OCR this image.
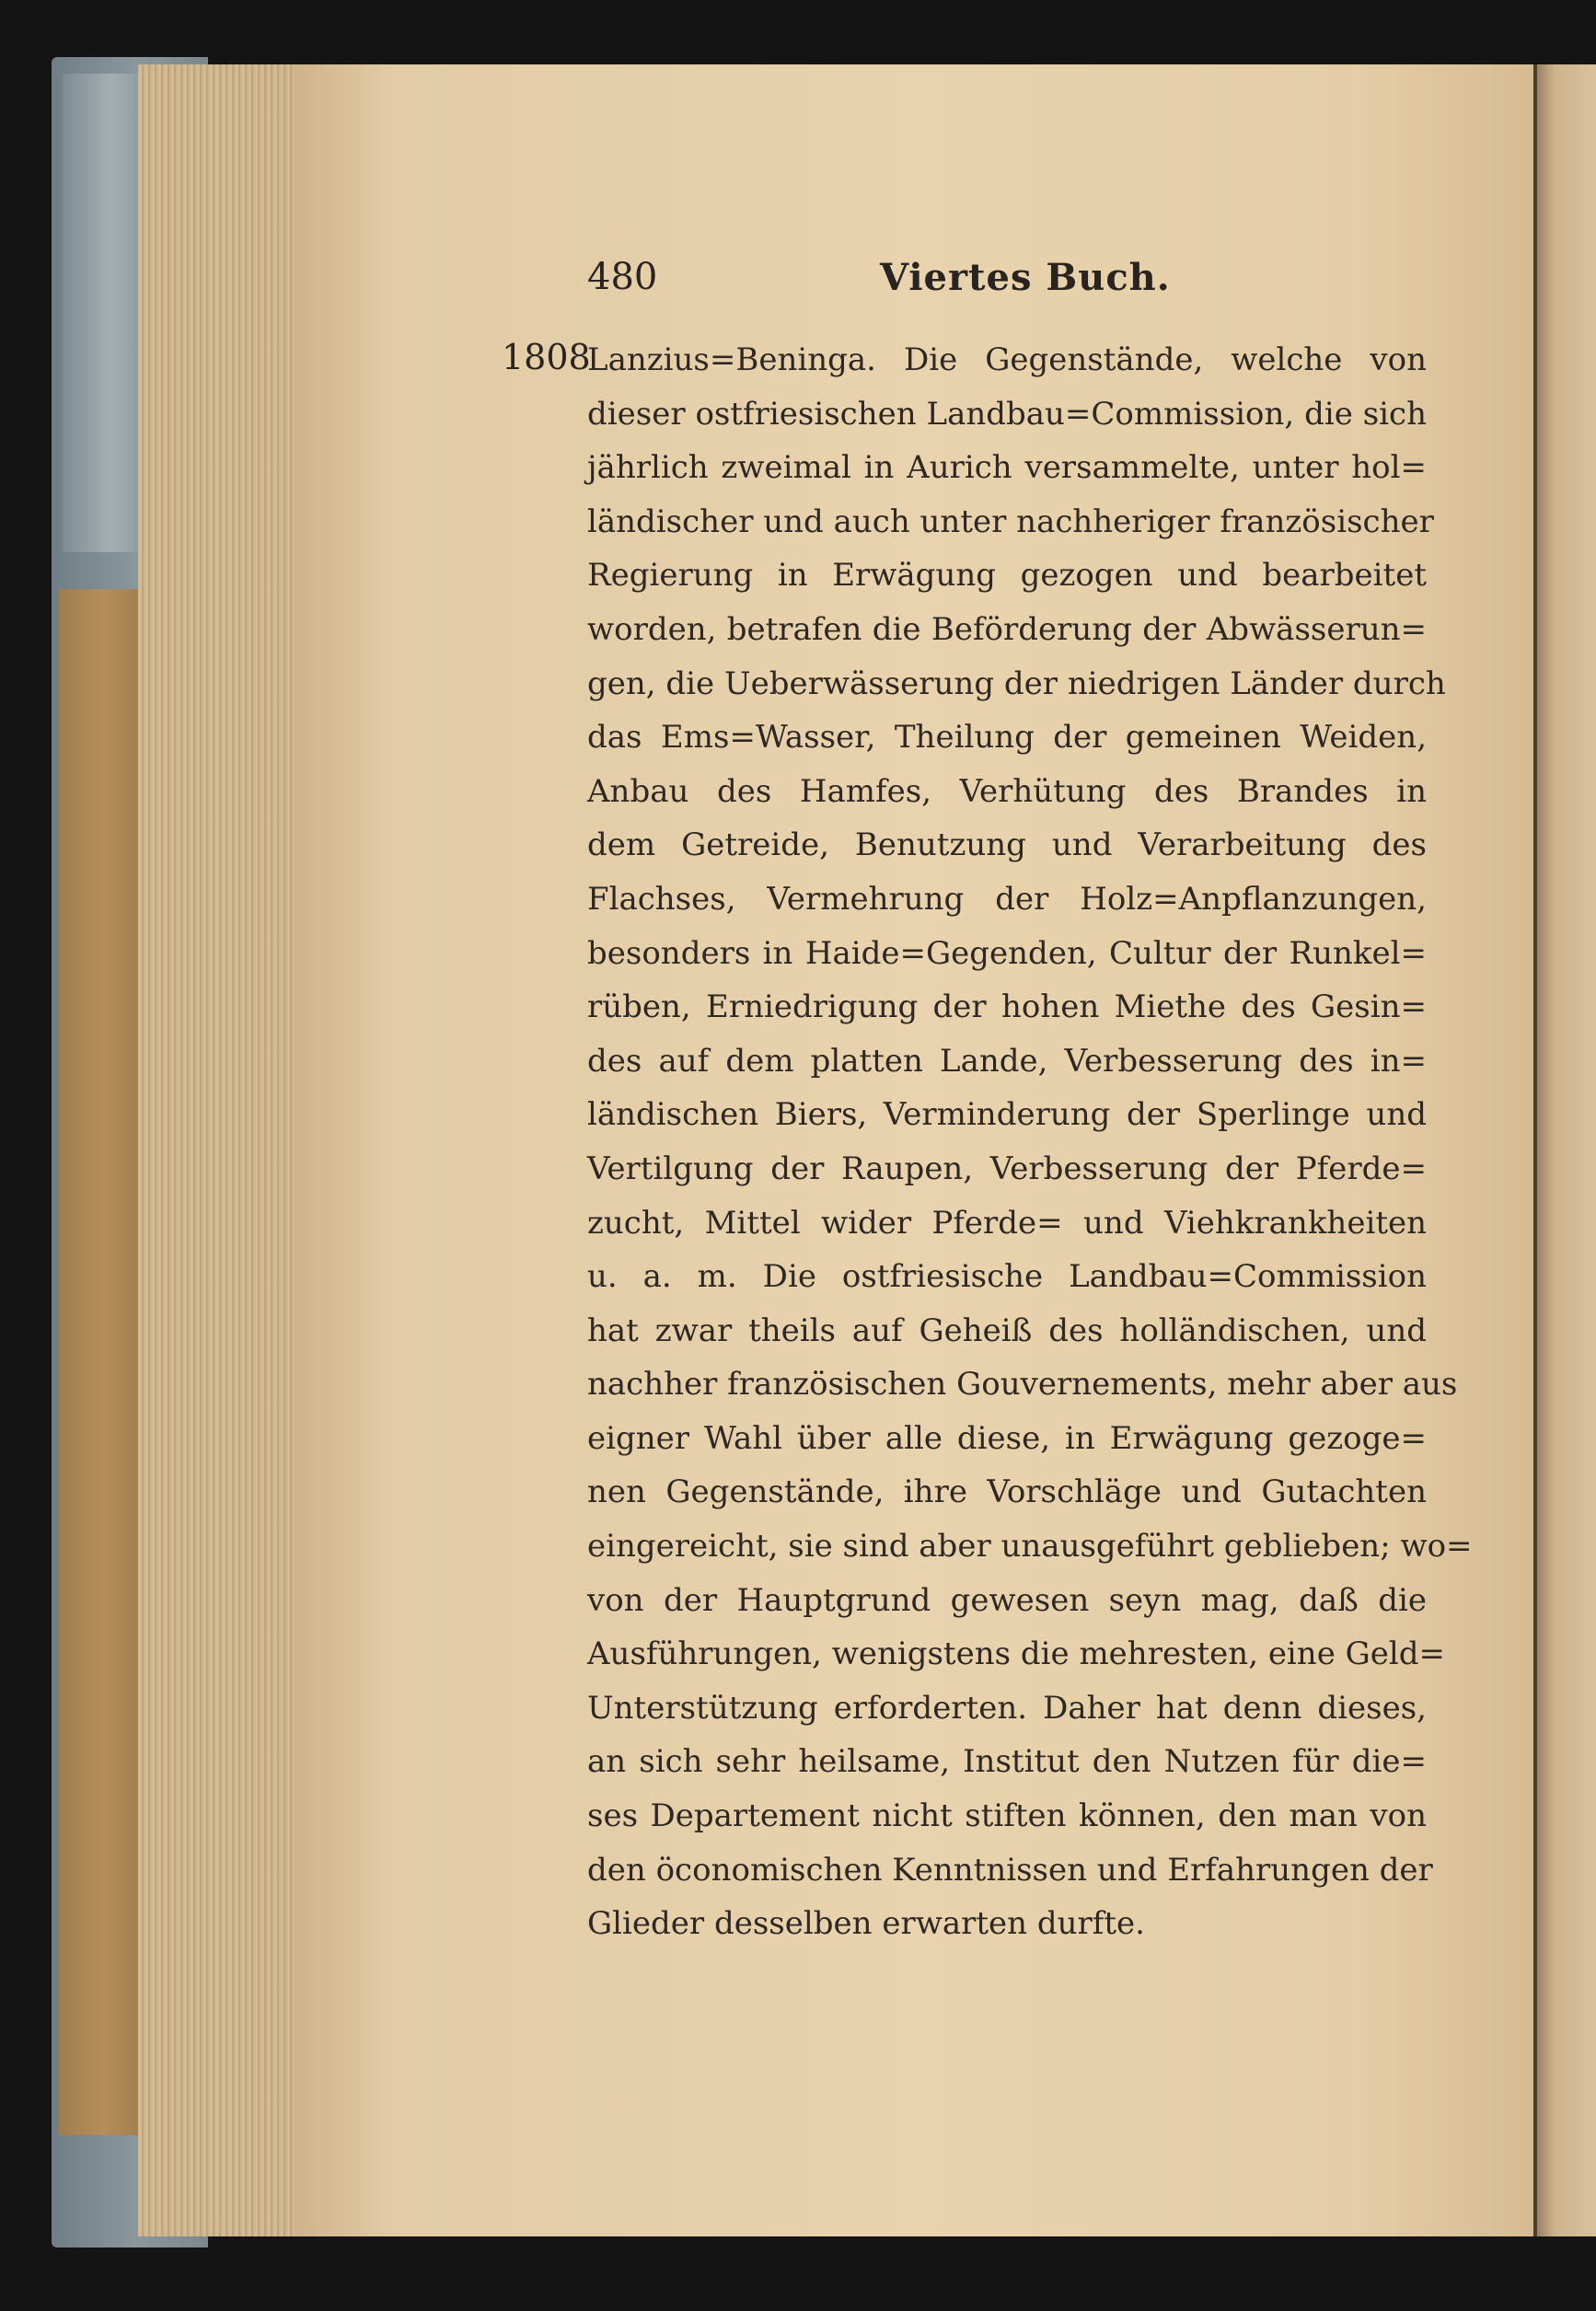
480	Viertes Buch.
1808
Lanzius=Beninga. Die Gegenstände, welche von
dieser ostfriesischen Landbau=Commission, die sich
jährlich zweimal in Aurich versammelte, unter hol=
ländischer und auch unter nachheriger französischer
Regierung in Erwägung gezogen und bearbeitet
worden, betrafen die Beförderung der Abwässerun=
gen, die Ueberwässerung der niedrigen Länder durch
das Ems=Wasser, Theilung der gemeinen Weiden,
Anbau des Hamfes, Verhütung des Brandes in
dem Getreide, Benutzung und Verarbeitung des
Flachses, Vermehrung der Holz=Anpflanzungen,
besonders in Haide=Gegenden, Cultur der Runkel=
rüben, Erniedrigung der hohen Miethe des Gesin=
des auf dem platten Lande, Verbesserung des in=
ländischen Biers, Verminderung der Sperlinge und
Vertilgung der Raupen, Verbesserung der Pferde=
zucht, Mittel wider Pferde= und Viehkrankheiten
u. a. m. Die ostfriesische Landbau=Commission
hat zwar theils auf Geheiß des holländischen, und
nachher französischen Gouvernements, mehr aber aus
eigner Wahl über alle diese, in Erwägung gezoge=
nen Gegenstände, ihre Vorschläge und Gutachten
eingereicht, sie sind aber unausgeführt geblieben; wo=
von der Hauptgrund gewesen seyn mag, daß die
Ausführungen, wenigstens die mehresten, eine Geld=
Unterstützung erforderten. Daher hat denn dieses,
an sich sehr heilsame, Institut den Nutzen für die=
ses Departement nicht stiften können, den man von
den öconomischen Kenntnissen und Erfahrungen der
Glieder desselben erwarten durfte.
